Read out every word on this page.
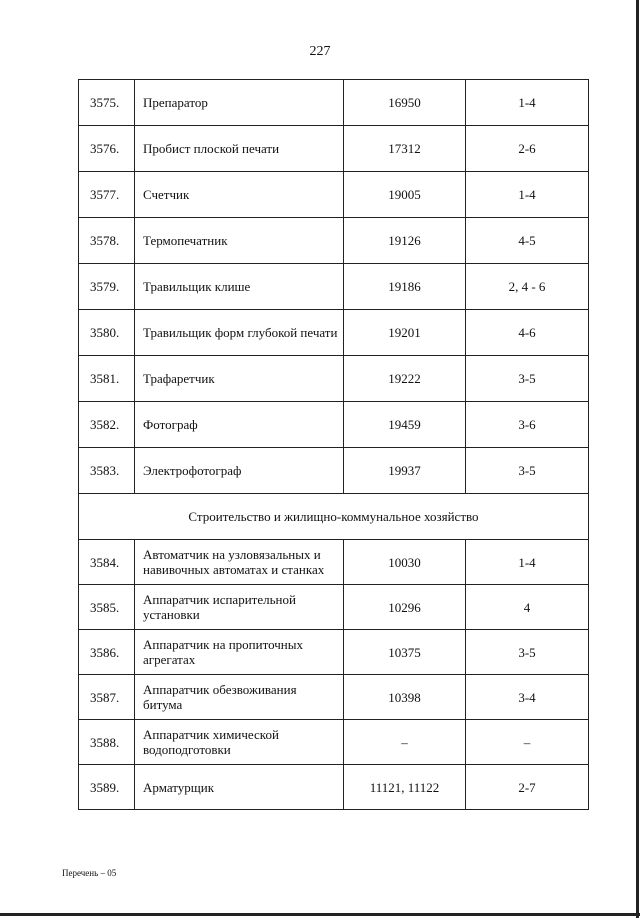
227
3575.	Препаратор	16950	1-4
3576.	Пробист плоской печати	17312	2-6
3577.	Счетчик	19005	1-4
3578.	Термопечатник	19126	4-5
3579.	Травильщик клише	19186	2, 4 - 6
3580.	Травильщик форм глубокой печати	19201	4-6
3581.	Трафаретчик	19222	3-5
3582.	Фотограф	19459	3-6
3583.	Электрофотограф	19937	3-5
Строительство и жилищно-коммунальное хозяйство			
3584.	Автоматчик на узловязальных и навивочных автоматах и станках	10030	1-4
3585.	Аппаратчик испарительной установки	10296	4
3586.	Аппаратчик на пропиточных агрегатах	10375	3-5
3587.	Аппаратчик обезвоживания битума	10398	3-4
3588.	Аппаратчик химической водоподготовки	–	–
3589.	Арматурщик	11121, 11122	2-7
Перечень – 05
